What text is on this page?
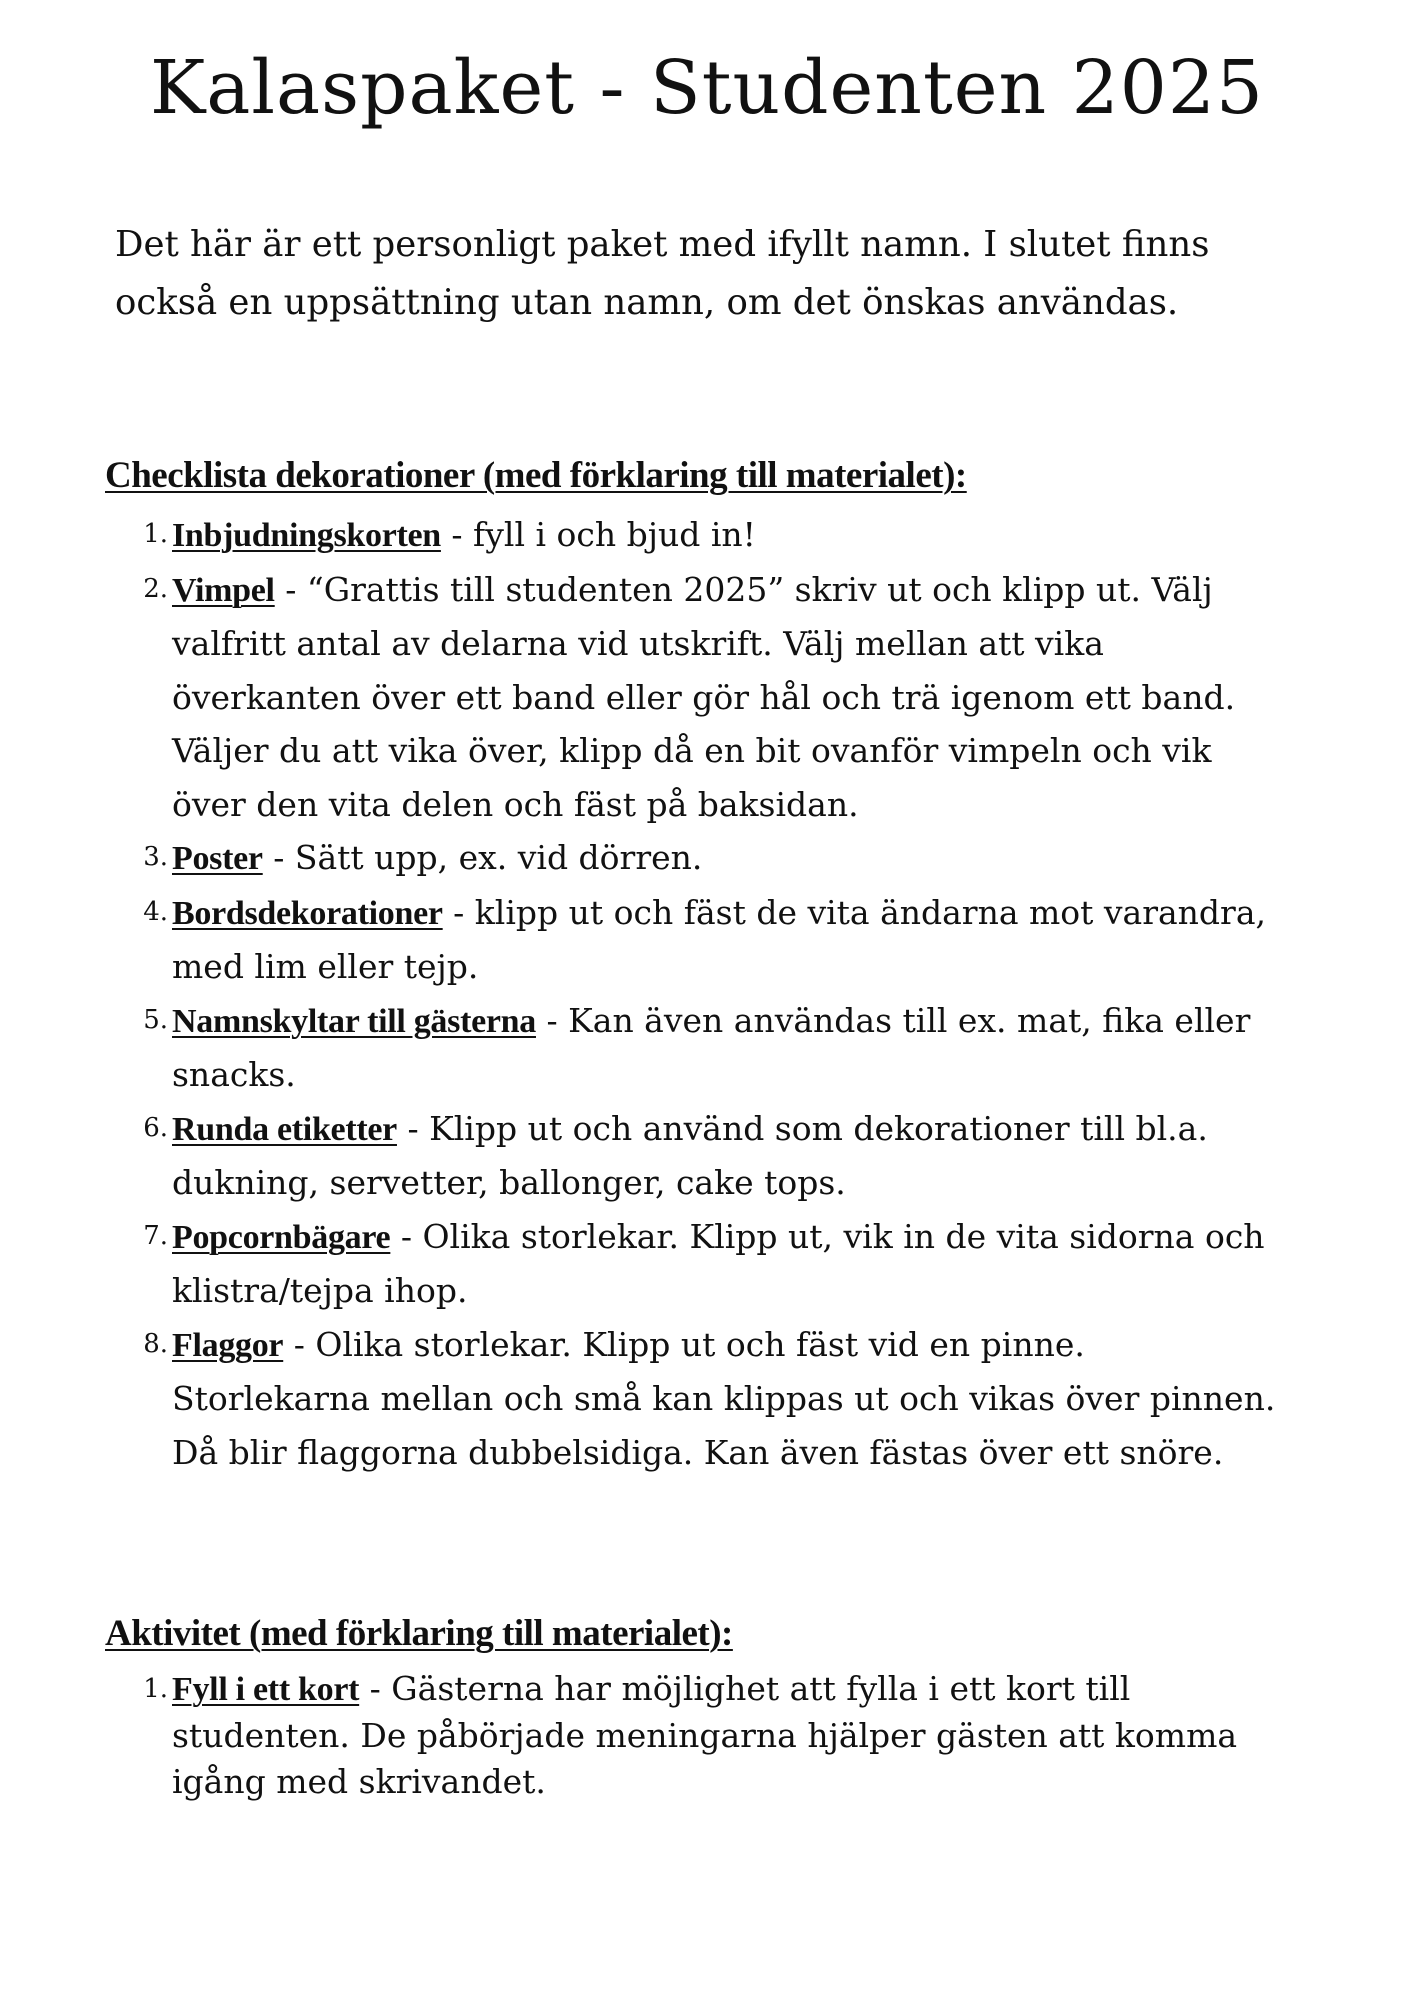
Kalaspaket - Studenten 2025

Det här är ett personligt paket med ifyllt namn. I slutet finns också en uppsättning utan namn, om det önskas användas.

Checklista dekorationer (med förklaring till materialet):
1. Inbjudningskorten - fyll i och bjud in!
2. Vimpel - “Grattis till studenten 2025” skriv ut och klipp ut. Välj valfritt antal av delarna vid utskrift. Välj mellan att vika överkanten över ett band eller gör hål och trä igenom ett band. Väljer du att vika över, klipp då en bit ovanför vimpeln och vik över den vita delen och fäst på baksidan.
3. Poster - Sätt upp, ex. vid dörren.
4. Bordsdekorationer - klipp ut och fäst de vita ändarna mot varandra, med lim eller tejp.
5. Namnskyltar till gästerna - Kan även användas till ex. mat, fika eller snacks.
6. Runda etiketter - Klipp ut och använd som dekorationer till bl.a. dukning, servetter, ballonger, cake tops.
7. Popcornbägare - Olika storlekar. Klipp ut, vik in de vita sidorna och klistra/tejpa ihop.
8. Flaggor - Olika storlekar. Klipp ut och fäst vid en pinne. Storlekarna mellan och små kan klippas ut och vikas över pinnen. Då blir flaggorna dubbelsidiga. Kan även fästas över ett snöre.
Aktivitet (med förklaring till materialet):
1. Fyll i ett kort - Gästerna har möjlighet att fylla i ett kort till studenten. De påbörjade meningarna hjälper gästen att komma igång med skrivandet.
